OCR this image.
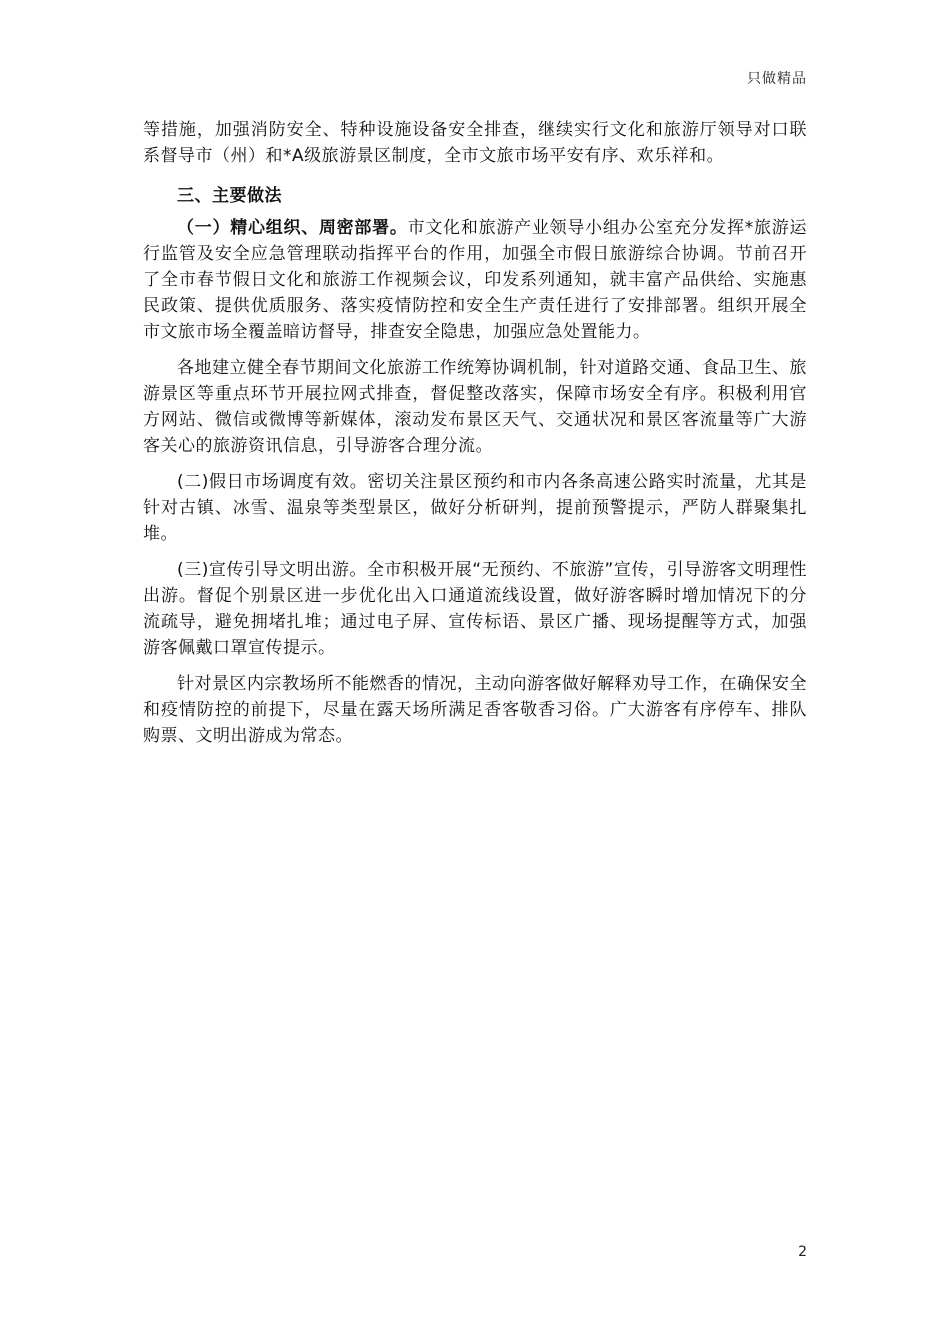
只做精品

等措施，加强消防安全、特种设施设备安全排查，继续实行文化和旅游厅领导对口联系督导市（州）和*A级旅游景区制度，全市文旅市场平安有序、欢乐祥和。

三、主要做法

（一）精心组织、周密部署。市文化和旅游产业领导小组办公室充分发挥*旅游运行监管及安全应急管理联动指挥平台的作用，加强全市假日旅游综合协调。节前召开了全市春节假日文化和旅游工作视频会议，印发系列通知，就丰富产品供给、实施惠民政策、提供优质服务、落实疫情防控和安全生产责任进行了安排部署。组织开展全市文旅市场全覆盖暗访督导，排查安全隐患，加强应急处置能力。

各地建立健全春节期间文化旅游工作统筹协调机制，针对道路交通、食品卫生、旅游景区等重点环节开展拉网式排查，督促整改落实，保障市场安全有序。积极利用官方网站、微信或微博等新媒体，滚动发布景区天气、交通状况和景区客流量等广大游客关心的旅游资讯信息，引导游客合理分流。

(二)假日市场调度有效。密切关注景区预约和市内各条高速公路实时流量，尤其是针对古镇、冰雪、温泉等类型景区，做好分析研判，提前预警提示，严防人群聚集扎堆。

(三)宣传引导文明出游。全市积极开展“无预约、不旅游”宣传，引导游客文明理性出游。督促个别景区进一步优化出入口通道流线设置，做好游客瞬时增加情况下的分流疏导，避免拥堵扎堆；通过电子屏、宣传标语、景区广播、现场提醒等方式，加强游客佩戴口罩宣传提示。

针对景区内宗教场所不能燃香的情况，主动向游客做好解释劝导工作，在确保安全和疫情防控的前提下，尽量在露天场所满足香客敬香习俗。广大游客有序停车、排队购票、文明出游成为常态。

2
